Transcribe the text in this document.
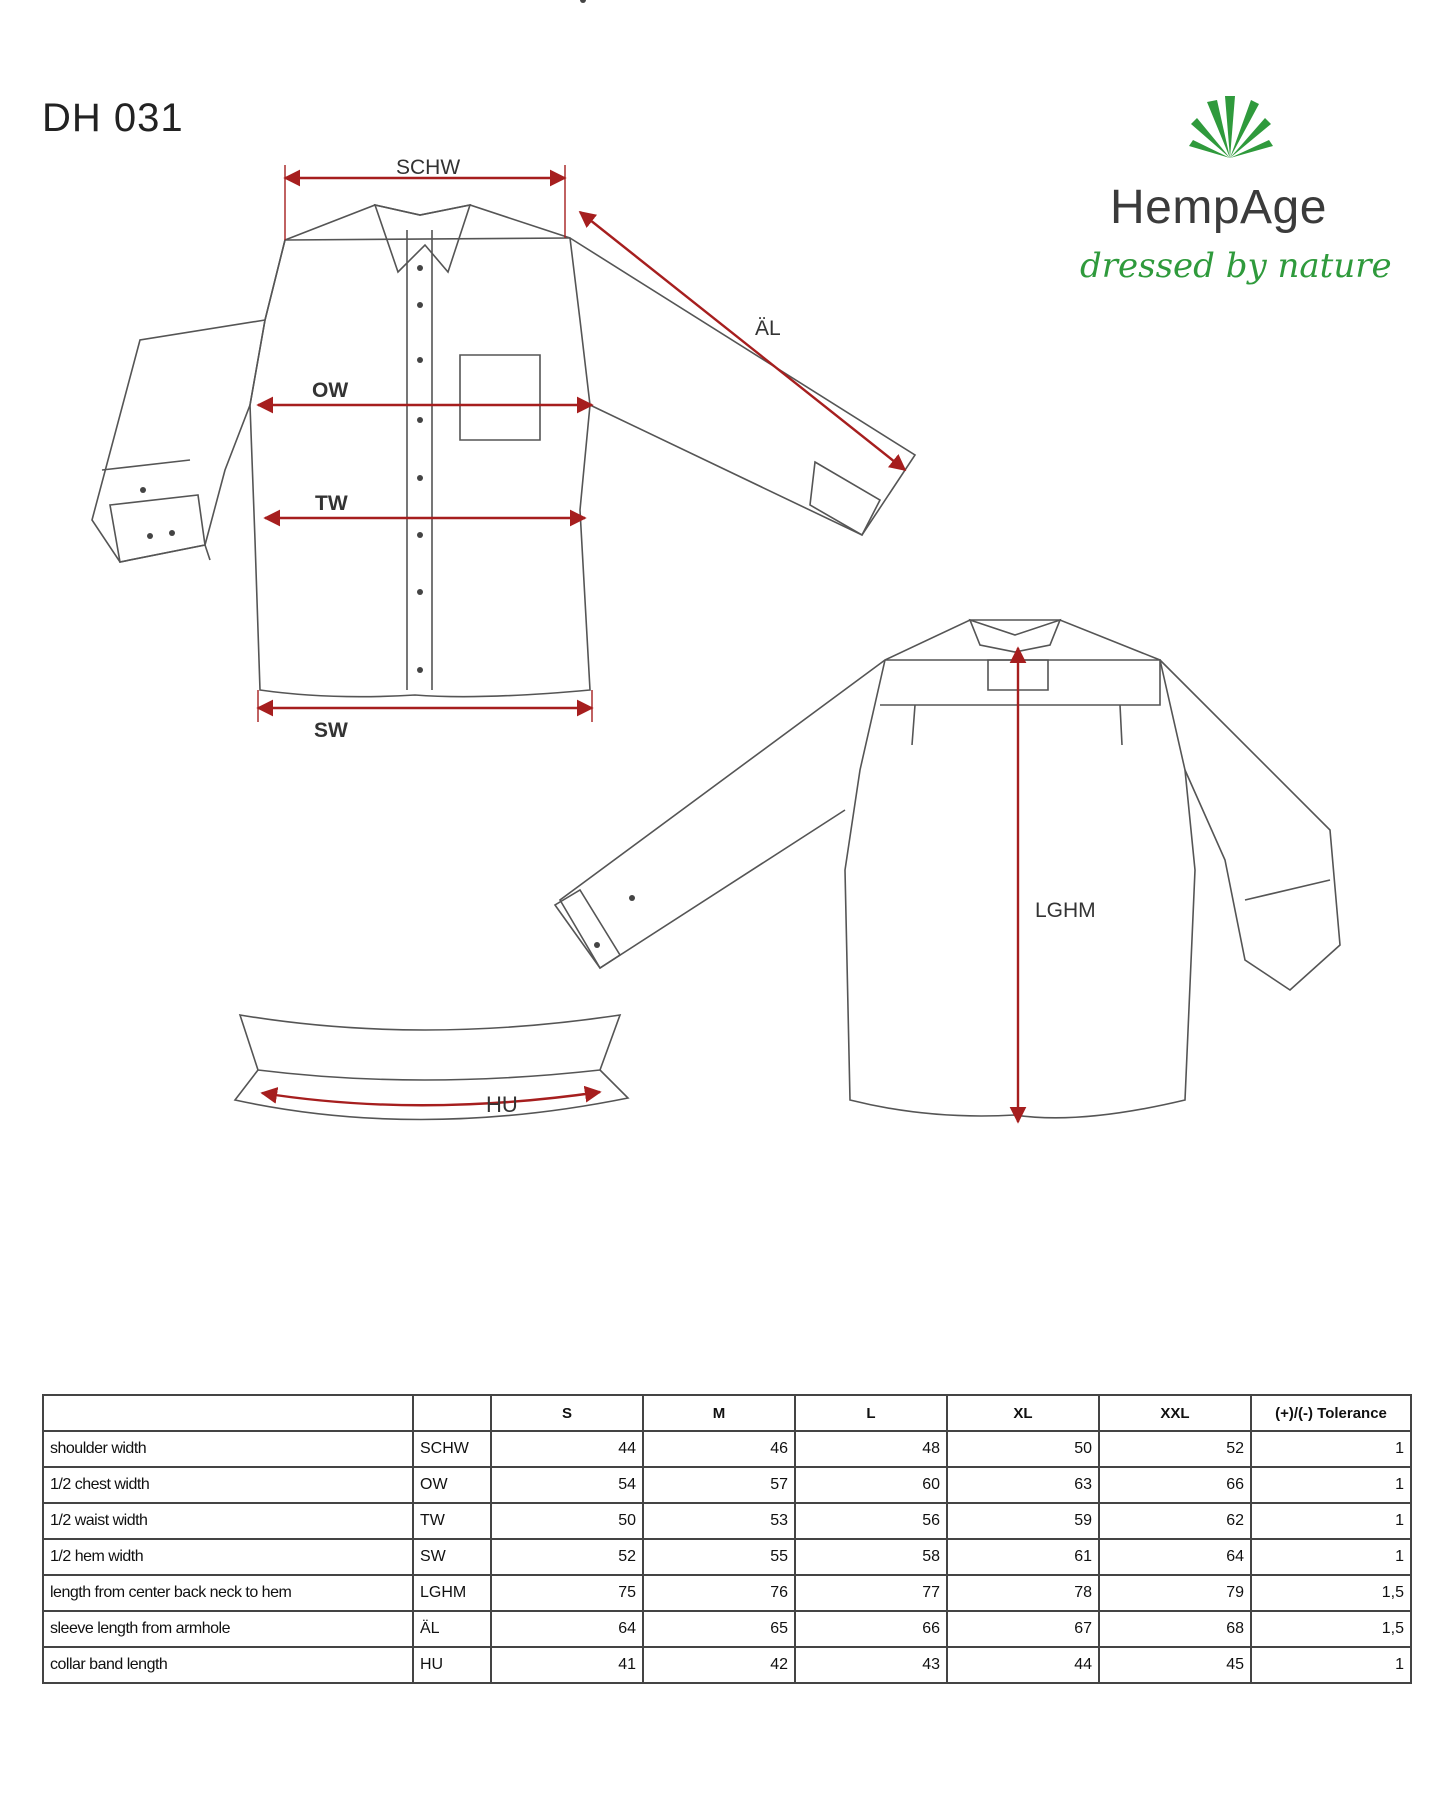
DH 031
HempAge
dressed by nature
SCHW
ÄL
OW
TW
SW
LGHM
HU
		S	M	L	XL	XXL	(+)/(-) Tolerance
shoulder width	SCHW	44	46	48	50	52	1
1/2 chest width	OW	54	57	60	63	66	1
1/2 waist width	TW	50	53	56	59	62	1
1/2 hem width	SW	52	55	58	61	64	1
length from center back neck to hem	LGHM	75	76	77	78	79	1,5
sleeve length from armhole	ÄL	64	65	66	67	68	1,5
collar band length	HU	41	42	43	44	45	1
